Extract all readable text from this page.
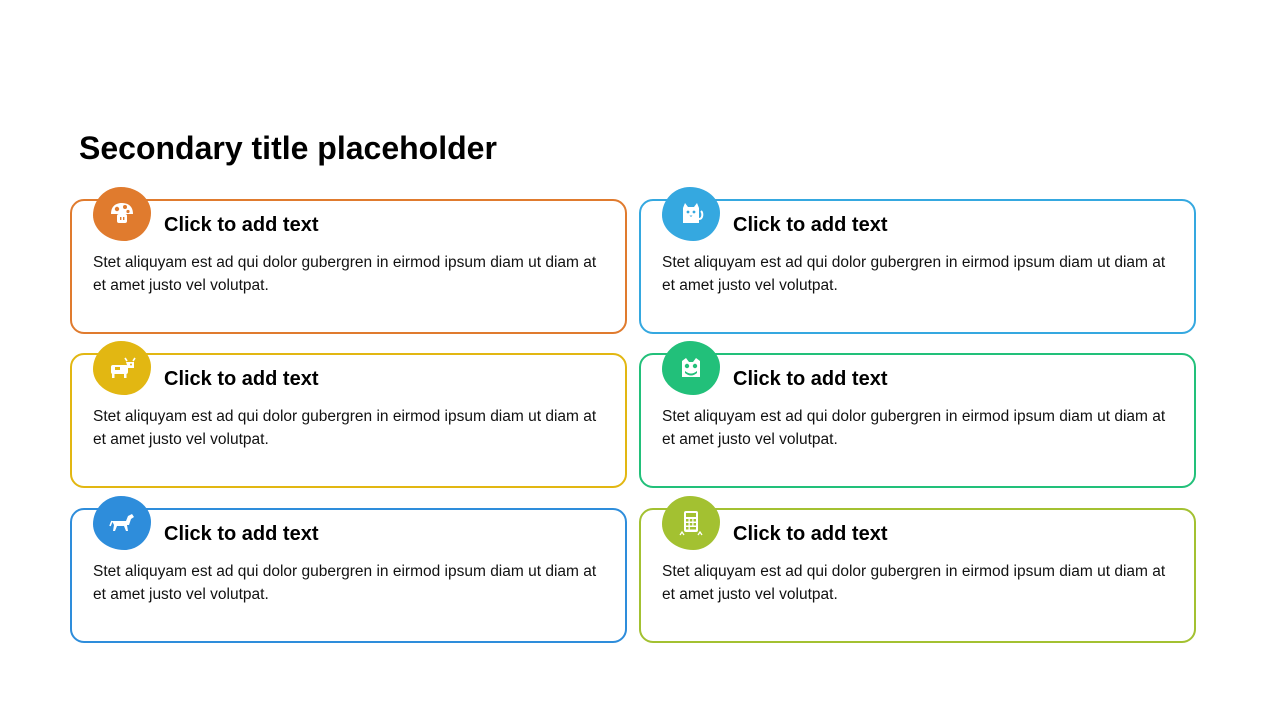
Secondary title placeholder
Click to add text
Stet aliquyam est ad qui dolor gubergren in eirmod ipsum diam ut diam at et amet justo vel volutpat.
Click to add text
Stet aliquyam est ad qui dolor gubergren in eirmod ipsum diam ut diam at et amet justo vel volutpat.
Click to add text
Stet aliquyam est ad qui dolor gubergren in eirmod ipsum diam ut diam at et amet justo vel volutpat.
Click to add text
Stet aliquyam est ad qui dolor gubergren in eirmod ipsum diam ut diam at et amet justo vel volutpat.
Click to add text
Stet aliquyam est ad qui dolor gubergren in eirmod ipsum diam ut diam at et amet justo vel volutpat.
Click to add text
Stet aliquyam est ad qui dolor gubergren in eirmod ipsum diam ut diam at et amet justo vel volutpat.
